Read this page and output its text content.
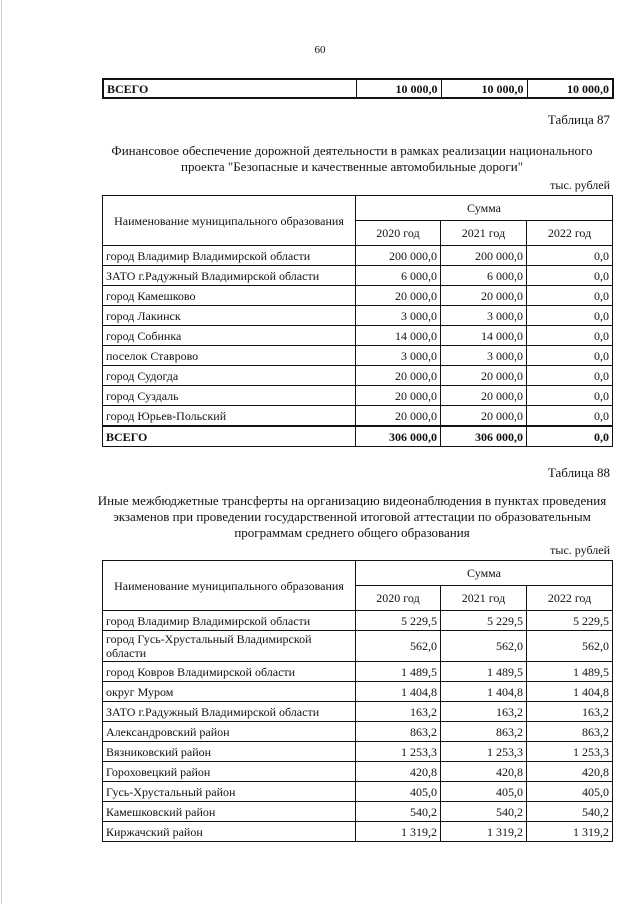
60
ВСЕГО	10 000,0	10 000,0	10 000,0
Таблица 87
Финансовое обеспечение дорожной деятельности в рамках реализации национального проекта "Безопасные и качественные автомобильные дороги"
тыс. рублей
Наименование муниципального образования	Сумма		
	2020 год	2021 год	2022 год
город Владимир Владимирской области	200 000,0	200 000,0	0,0
ЗАТО г.Радужный Владимирской области	6 000,0	6 000,0	0,0
город Камешково	20 000,0	20 000,0	0,0
город Лакинск	3 000,0	3 000,0	0,0
город Собинка	14 000,0	14 000,0	0,0
поселок Ставрово	3 000,0	3 000,0	0,0
город Судогда	20 000,0	20 000,0	0,0
город Суздаль	20 000,0	20 000,0	0,0
город Юрьев-Польский	20 000,0	20 000,0	0,0
ВСЕГО	306 000,0	306 000,0	0,0
Таблица 88
Иные межбюджетные трансферты на организацию видеонаблюдения в пунктах проведения экзаменов при проведении государственной итоговой аттестации по образовательным программам среднего общего образования
тыс. рублей
Наименование муниципального образования	Сумма		
	2020 год	2021 год	2022 год
город Владимир Владимирской области	5 229,5	5 229,5	5 229,5
город Гусь-Хрустальный Владимирской области	562,0	562,0	562,0
город Ковров Владимирской области	1 489,5	1 489,5	1 489,5
округ Муром	1 404,8	1 404,8	1 404,8
ЗАТО г.Радужный Владимирской области	163,2	163,2	163,2
Александровский район	863,2	863,2	863,2
Вязниковский район	1 253,3	1 253,3	1 253,3
Гороховецкий район	420,8	420,8	420,8
Гусь-Хрустальный район	405,0	405,0	405,0
Камешковский район	540,2	540,2	540,2
Киржачский район	1 319,2	1 319,2	1 319,2
